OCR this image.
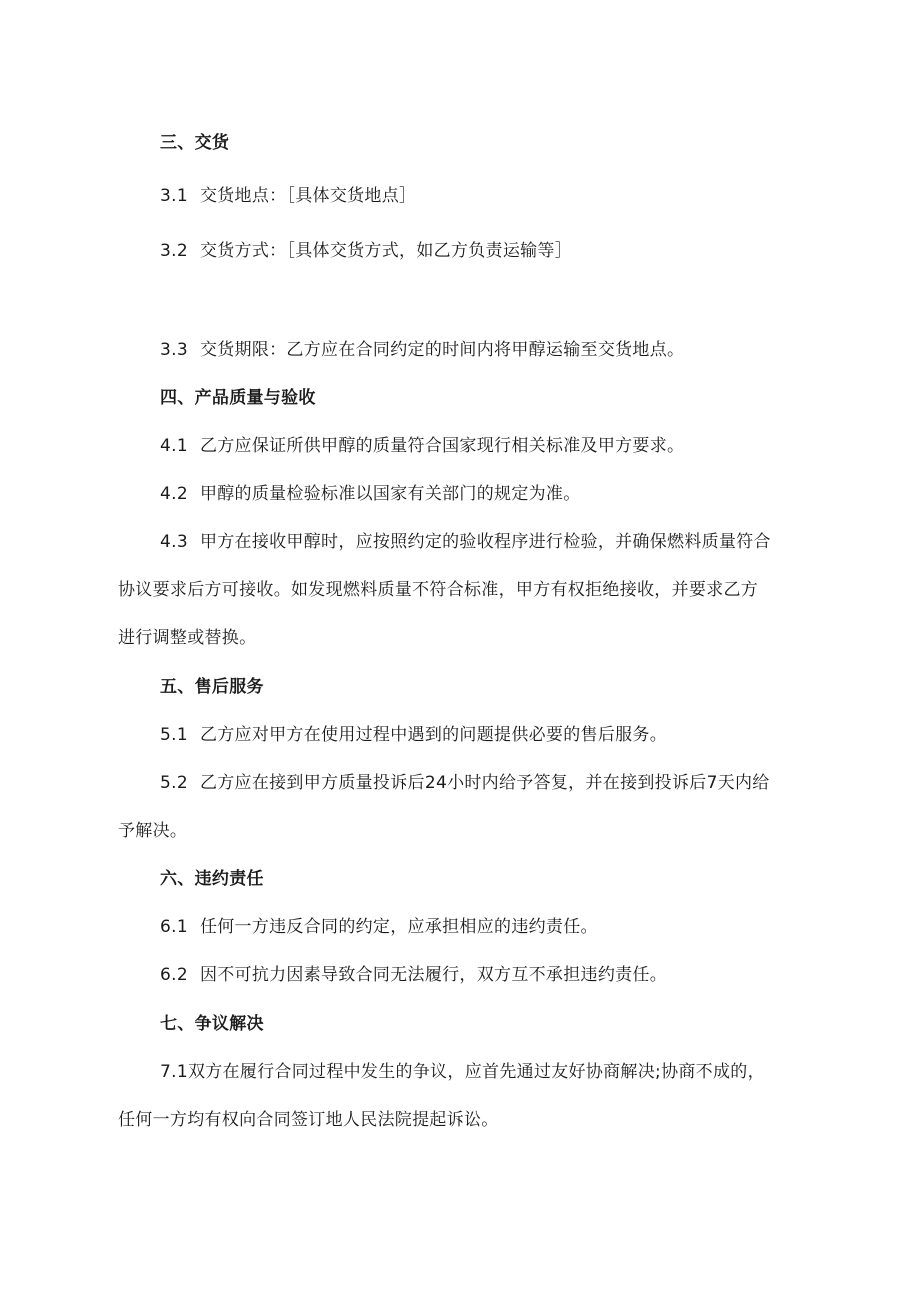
三、交货
3.1 交货地点：［具体交货地点］
3.2 交货方式：［具体交货方式，如乙方负责运输等］
3.3 交货期限：乙方应在合同约定的时间内将甲醇运输至交货地点。
四、产品质量与验收
4.1 乙方应保证所供甲醇的质量符合国家现行相关标准及甲方要求。
4.2 甲醇的质量检验标准以国家有关部门的规定为准。
4.3 甲方在接收甲醇时，应按照约定的验收程序进行检验，并确保燃料质量符合
协议要求后方可接收。如发现燃料质量不符合标准，甲方有权拒绝接收，并要求乙方
进行调整或替换。
五、售后服务
5.1 乙方应对甲方在使用过程中遇到的问题提供必要的售后服务。
5.2 乙方应在接到甲方质量投诉后24小时内给予答复，并在接到投诉后7天内给
予解决。
六、违约责任
6.1 任何一方违反合同的约定，应承担相应的违约责任。
6.2 因不可抗力因素导致合同无法履行，双方互不承担违约责任。
七、争议解决
7.1双方在履行合同过程中发生的争议，应首先通过友好协商解决;协商不成的，
任何一方均有权向合同签订地人民法院提起诉讼。
